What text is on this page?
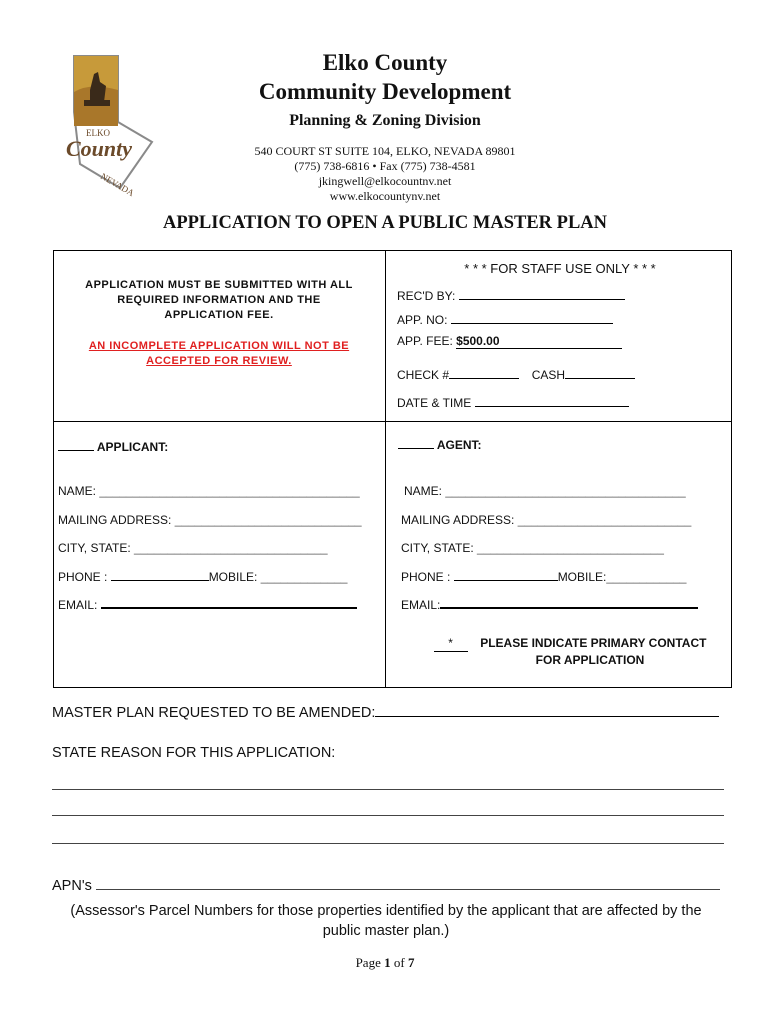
ELKO
County
NEVADA
Elko County
Community Development
Planning & Zoning Division
540 COURT ST SUITE 104, ELKO, NEVADA 89801
(775) 738-6816 • Fax (775) 738-4581
jkingwell@elkocountnv.net
www.elkocountynv.net
APPLICATION TO OPEN A PUBLIC MASTER PLAN
APPLICATION MUST BE SUBMITTED WITH ALL
REQUIRED INFORMATION AND THE
APPLICATION FEE.
AN INCOMPLETE APPLICATION WILL NOT BE
ACCEPTED FOR REVIEW.
* * * FOR STAFF USE ONLY * * *
REC'D BY:
APP. NO:
APP. FEE: $500.00
CHECK #	CASH
DATE & TIME
APPLICANT:
NAME: _______________________________________
MAILING ADDRESS: ____________________________
CITY, STATE: _____________________________
PHONE :	MOBILE: _____________
EMAIL:
AGENT:
NAME: ____________________________________
MAILING ADDRESS: __________________________
CITY, STATE: ____________________________
PHONE :	MOBILE:____________
EMAIL:
* PLEASE INDICATE PRIMARY CONTACT
FOR APPLICATION
MASTER PLAN REQUESTED TO BE AMENDED:
STATE REASON FOR THIS APPLICATION:
APN's
(Assessor's Parcel Numbers for those properties identified by the applicant that are affected by the public master plan.)
Page 1 of 7
